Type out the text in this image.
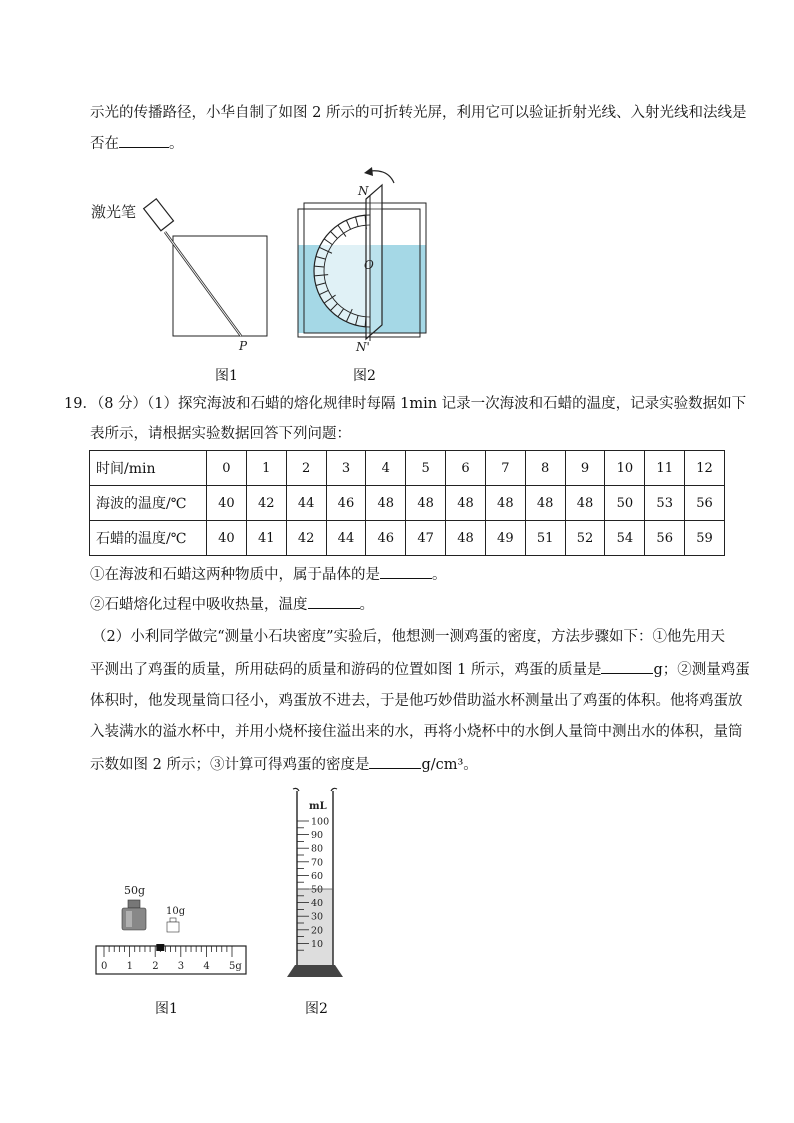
示光的传播路径，小华自制了如图 2 所示的可折转光屏，利用它可以验证折射光线、入射光线和法线是
否在	。
激光笔
P
图1
N
O
N'
图2
19．（8 分）（1）探究海波和石蜡的熔化规律时每隔 1min 记录一次海波和石蜡的温度，记录实验数据如下
表所示，请根据实验数据回答下列问题：
时间/min	0	1	2	3	4	5	6	7	8	9	10	11	12
海波的温度/℃	40	42	44	46	48	48	48	48	48	48	50	53	56
石蜡的温度/℃	40	41	42	44	46	47	48	49	51	52	54	56	59
①在海波和石蜡这两种物质中，属于晶体的是	。
②石蜡熔化过程中吸收热量，温度	。
（2）小利同学做完“测量小石块密度”实验后，他想测一测鸡蛋的密度，方法步骤如下：①他先用天
平测出了鸡蛋的质量，所用砝码的质量和游码的位置如图 1 所示，鸡蛋的质量是	g；②测量鸡蛋
体积时，他发现量筒口径小，鸡蛋放不进去，于是他巧妙借助溢水杯测量出了鸡蛋的体积。他将鸡蛋放
入装满水的溢水杯中，并用小烧杯接住溢出来的水，再将小烧杯中的水倒人量筒中测出水的体积，量筒
示数如图 2 所示；③计算可得鸡蛋的密度是	g/cm³。
50g
10g
0 1 2 3 4 5g
图1
mL
100
90
80
70
60
50
40
30
20
10
图2
